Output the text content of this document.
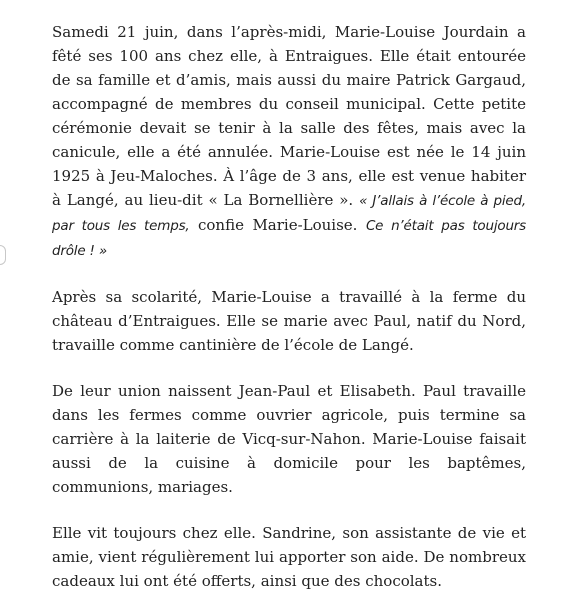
Samedi 21 juin, dans l’après-midi, Marie-Louise Jourdain a fêté ses 100 ans chez elle, à Entraigues. Elle était entourée de sa famille et d’amis, mais aussi du maire Patrick Gargaud, accompagné de membres du conseil municipal. Cette petite cérémonie devait se tenir à la salle des fêtes, mais avec la canicule, elle a été annulée. Marie-Louise est née le 14 juin 1925 à Jeu-Maloches. À l’âge de 3 ans, elle est venue habiter à Langé, au lieu-dit « La Bornellière ». « J’allais à l’école à pied, par tous les temps, confie Marie-Louise. Ce n’était pas toujours drôle ! »

Après sa scolarité, Marie-Louise a travaillé à la ferme du château d’Entraigues. Elle se marie avec Paul, natif du Nord, travaille comme cantinière de l’école de Langé.

De leur union naissent Jean-Paul et Elisabeth. Paul travaille dans les fermes comme ouvrier agricole, puis termine sa carrière à la laiterie de Vicq-sur-Nahon. Marie-Louise faisait aussi de la cuisine à domicile pour les baptêmes, communions, mariages.

Elle vit toujours chez elle. Sandrine, son assistante de vie et amie, vient régulièrement lui apporter son aide. De nombreux cadeaux lui ont été offerts, ainsi que des chocolats.
